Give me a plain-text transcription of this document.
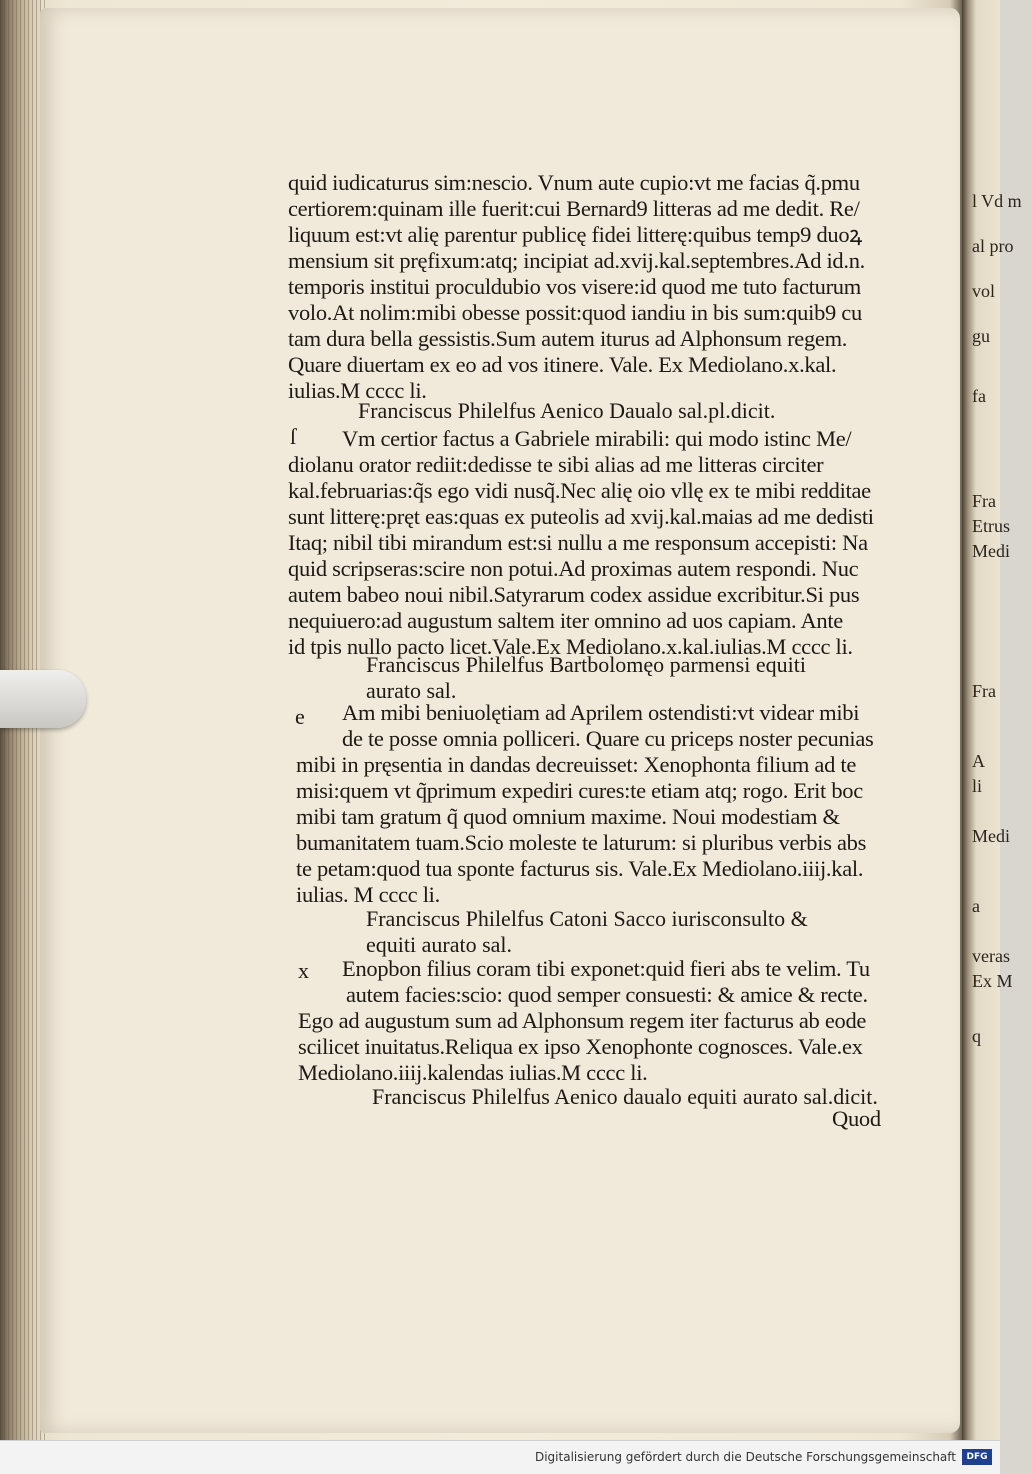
l Vd m
al pro
vol
gu
fa
Fra
Etrus
Medi
Fra
A
li
Medi
a
veras
Ex M
q
quid iudicaturus sim:nescio. Vnum aute cupio:vt me facias q̃.pmu
certiorem:quinam ille fuerit:cui Bernard9 litteras ad me dedit. Re/
liquum est:vt alię parentur publicę fidei litterę:quibus temp9 duoꝝ
mensium sit pręfixum:atq; incipiat ad.xvij.kal.septembres.Ad id.n.
temporis institui proculdubio vos visere:id quod me tuto facturum
volo.At nolim:mibi obesse possit:quod iandiu in bis sum:quib9 cu
tam dura bella gessistis.Sum autem iturus ad Alphonsum regem.
Quare diuertam ex eo ad vos itinere. Vale. Ex Mediolano.x.kal.
iulias.M cccc li.
Franciscus Philelfus Aenico Daualo sal.pl.dicit.
ſ Vm certior factus a Gabriele mirabili: qui modo istinc Me/
diolanu orator rediit:dedisse te sibi alias ad me litteras circiter
kal.februarias:q̃s ego vidi nusq̃.Nec alię oio vllę ex te mibi redditae
sunt litterę:pręt eas:quas ex puteolis ad xvij.kal.maias ad me dedisti
Itaq; nibil tibi mirandum est:si nullu a me responsum accepisti: Na
quid scripseras:scire non potui.Ad proximas autem respondi. Nuc
autem babeo noui nibil.Satyrarum codex assidue excribitur.Si pus
nequiuero:ad augustum saltem iter omnino ad uos capiam. Ante
id tpis nullo pacto licet.Vale.Ex Mediolano.x.kal.iulias.M cccc li.
Franciscus Philelfus Bartbolomęo parmensi equiti
aurato sal.
e Am mibi beniuolętiam ad Aprilem ostendisti:vt videar mibi
de te posse omnia polliceri. Quare cu priceps noster pecunias
mibi in pręsentia in dandas decreuisset: Xenophonta filium ad te
misi:quem vt q̃primum expediri cures:te etiam atq; rogo. Erit boc
mibi tam gratum q̃ quod omnium maxime. Noui modestiam &
bumanitatem tuam.Scio moleste te laturum: si pluribus verbis abs
te petam:quod tua sponte facturus sis. Vale.Ex Mediolano.iiij.kal.
iulias. M cccc li.
Franciscus Philelfus Catoni Sacco iurisconsulto &
equiti aurato sal.
x Enopbon filius coram tibi exponet:quid fieri abs te velim. Tu
autem facies:scio: quod semper consuesti: & amice & recte.
Ego ad augustum sum ad Alphonsum regem iter facturus ab eode
scilicet inuitatus.Reliqua ex ipso Xenophonte cognosces. Vale.ex
Mediolano.iiij.kalendas iulias.M cccc li.
Franciscus Philelfus Aenico daualo equiti aurato sal.dicit.
Quod
Digitalisierung gefördert durch die Deutsche Forschungsgemeinschaft	DFG
